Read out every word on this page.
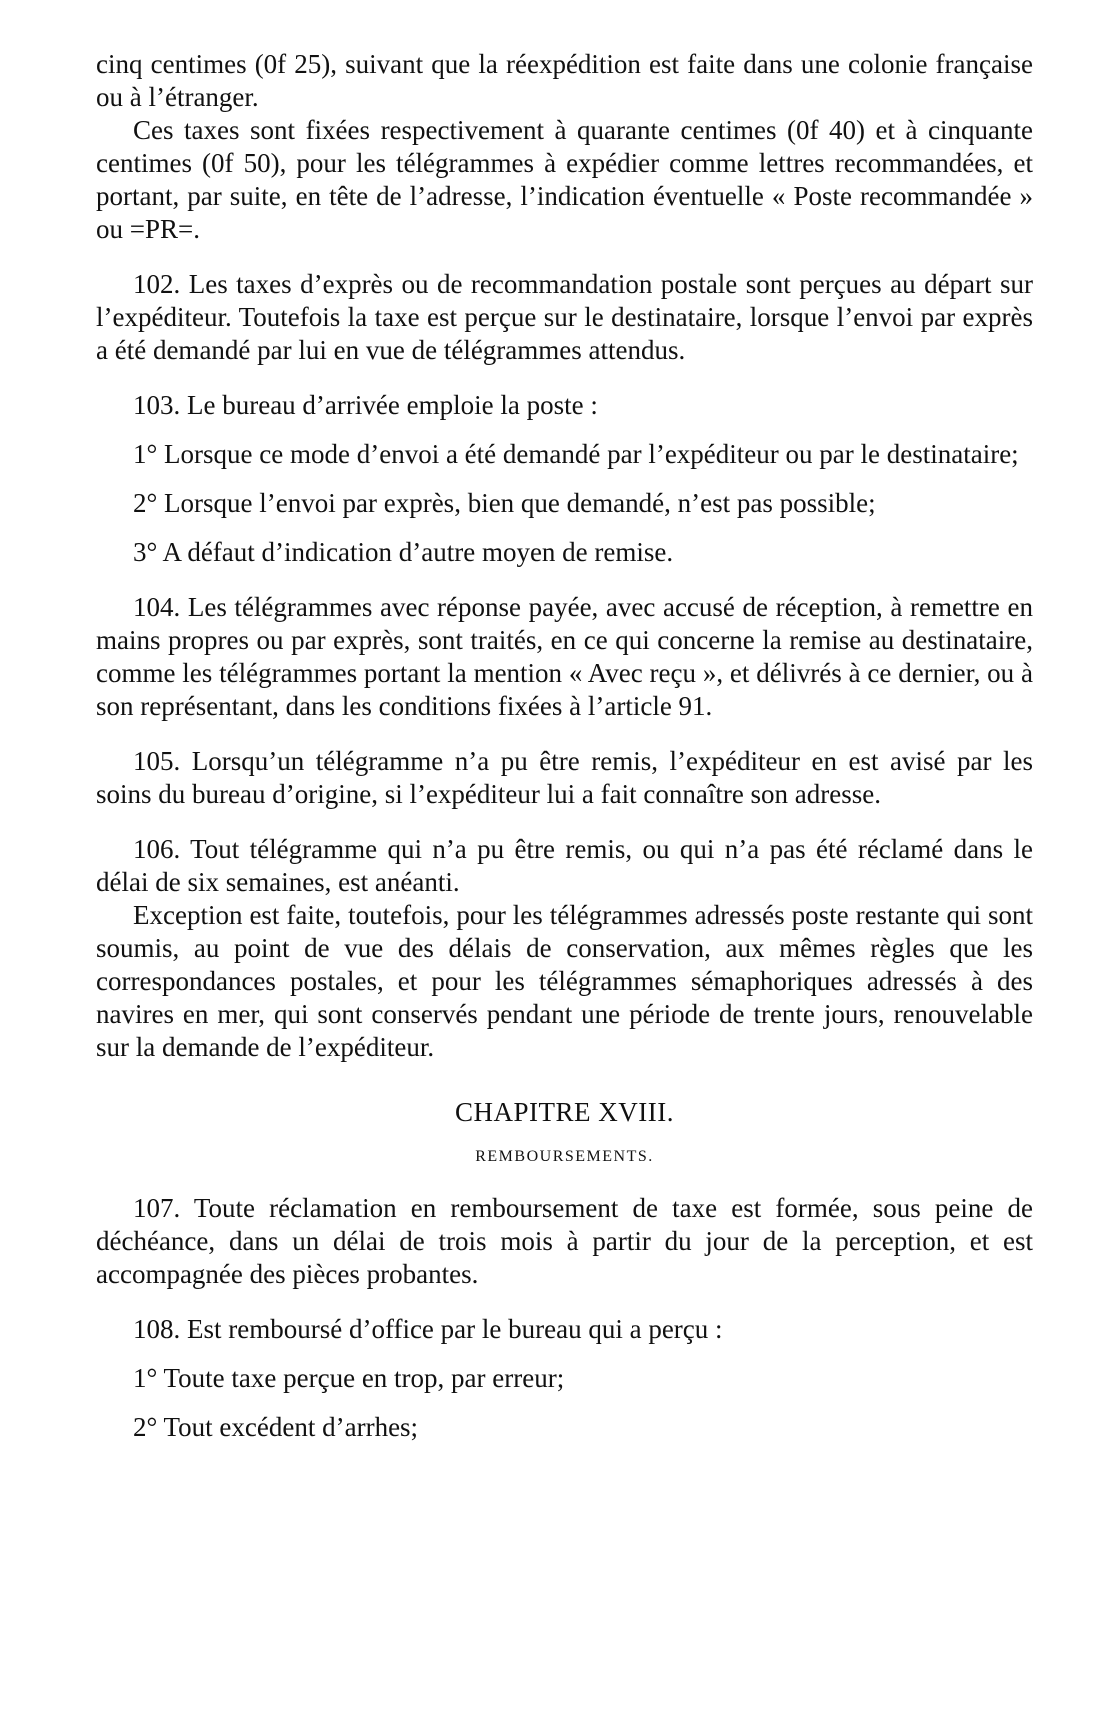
cinq centimes (0f 25), suivant que la réexpédition est faite dans une colonie française ou à l’étranger.

Ces taxes sont fixées respectivement à quarante centimes (0f 40) et à cinquante centimes (0f 50), pour les télégrammes à expédier comme lettres recommandées, et portant, par suite, en tête de l’adresse, l’indication éventuelle « Poste recommandée » ou =PR=.

102. Les taxes d’exprès ou de recommandation postale sont perçues au départ sur l’expéditeur. Toutefois la taxe est perçue sur le destinataire, lorsque l’envoi par exprès a été demandé par lui en vue de télégrammes attendus.

103. Le bureau d’arrivée emploie la poste :

1° Lorsque ce mode d’envoi a été demandé par l’expéditeur ou par le destinataire;

2° Lorsque l’envoi par exprès, bien que demandé, n’est pas possible;

3° A défaut d’indication d’autre moyen de remise.

104. Les télégrammes avec réponse payée, avec accusé de réception, à remettre en mains propres ou par exprès, sont traités, en ce qui concerne la remise au destinataire, comme les télégrammes portant la mention « Avec reçu », et délivrés à ce dernier, ou à son représentant, dans les conditions fixées à l’article 91.

105. Lorsqu’un télégramme n’a pu être remis, l’expéditeur en est avisé par les soins du bureau d’origine, si l’expéditeur lui a fait connaître son adresse.

106. Tout télégramme qui n’a pu être remis, ou qui n’a pas été réclamé dans le délai de six semaines, est anéanti.

Exception est faite, toutefois, pour les télégrammes adressés poste restante qui sont soumis, au point de vue des délais de conservation, aux mêmes règles que les correspondances postales, et pour les télégrammes sémaphoriques adressés à des navires en mer, qui sont conservés pendant une période de trente jours, renouvelable sur la demande de l’expéditeur.

CHAPITRE XVIII.

REMBOURSEMENTS.

107. Toute réclamation en remboursement de taxe est formée, sous peine de déchéance, dans un délai de trois mois à partir du jour de la perception, et est accompagnée des pièces probantes.

108. Est remboursé d’office par le bureau qui a perçu :

1° Toute taxe perçue en trop, par erreur;

2° Tout excédent d’arrhes;
